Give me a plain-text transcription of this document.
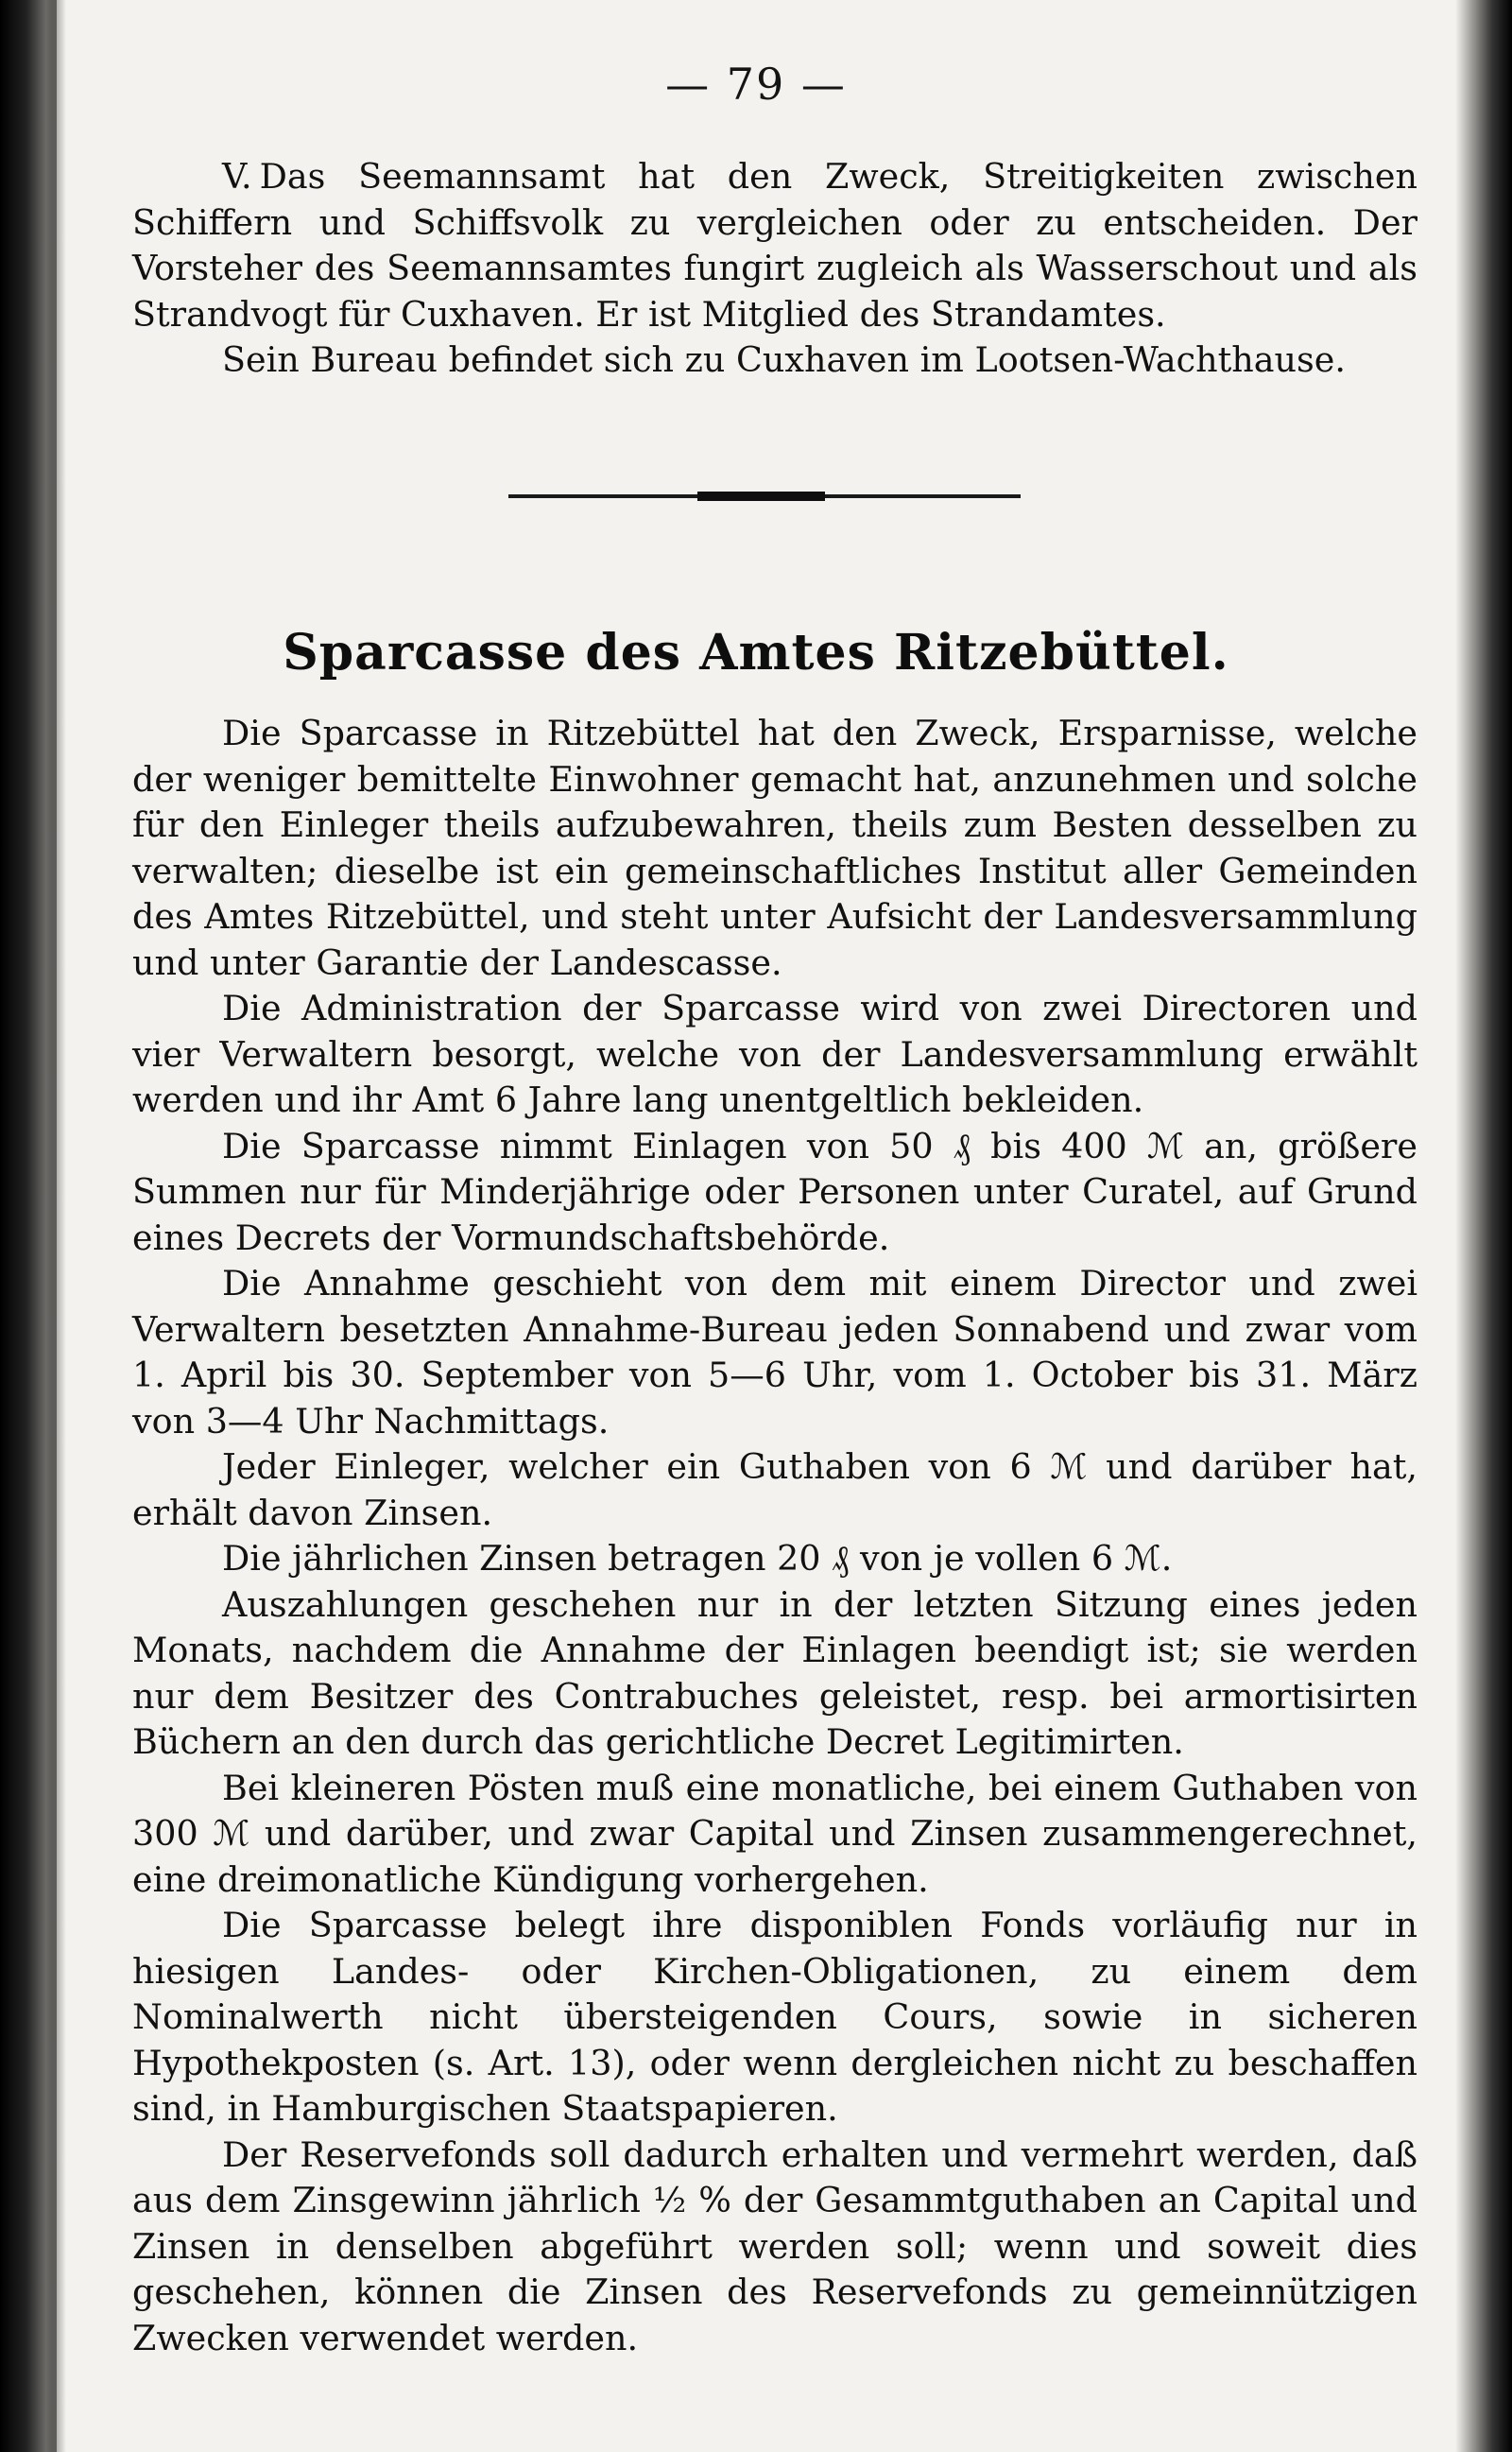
— 79 —

V. Das Seemannsamt hat den Zweck, Streitigkeiten zwischen Schiffern und Schiffsvolk zu vergleichen oder zu entscheiden. Der Vorsteher des Seemannsamtes fungirt zugleich als Wasserschout und als Strandvogt für Cuxhaven. Er ist Mitglied des Strandamtes.

Sein Bureau befindet sich zu Cuxhaven im Lootsen-Wachthause.

Sparcasse des Amtes Ritzebüttel.

Die Sparcasse in Ritzebüttel hat den Zweck, Ersparnisse, welche der weniger bemittelte Einwohner gemacht hat, anzunehmen und solche für den Einleger theils aufzubewahren, theils zum Besten desselben zu verwalten; dieselbe ist ein gemeinschaftliches Institut aller Gemeinden des Amtes Ritzebüttel, und steht unter Aufsicht der Landesversammlung und unter Garantie der Landescasse.

Die Administration der Sparcasse wird von zwei Directoren und vier Verwaltern besorgt, welche von der Landesversammlung erwählt werden und ihr Amt 6 Jahre lang unentgeltlich bekleiden.

Die Sparcasse nimmt Einlagen von 50 ₰ bis 400 ℳ an, größere Summen nur für Minderjährige oder Personen unter Curatel, auf Grund eines Decrets der Vormundschaftsbehörde.

Die Annahme geschieht von dem mit einem Director und zwei Verwaltern besetzten Annahme-Bureau jeden Sonnabend und zwar vom 1. April bis 30. September von 5—6 Uhr, vom 1. October bis 31. März von 3—4 Uhr Nachmittags.

Jeder Einleger, welcher ein Guthaben von 6 ℳ und darüber hat, erhält davon Zinsen.

Die jährlichen Zinsen betragen 20 ₰ von je vollen 6 ℳ.

Auszahlungen geschehen nur in der letzten Sitzung eines jeden Monats, nachdem die Annahme der Einlagen beendigt ist; sie werden nur dem Besitzer des Contrabuches geleistet, resp. bei armortisirten Büchern an den durch das gerichtliche Decret Legitimirten.

Bei kleineren Pösten muß eine monatliche, bei einem Guthaben von 300 ℳ und darüber, und zwar Capital und Zinsen zusammengerechnet, eine dreimonatliche Kündigung vorhergehen.

Die Sparcasse belegt ihre disponiblen Fonds vorläufig nur in hiesigen Landes- oder Kirchen-Obligationen, zu einem dem Nominalwerth nicht übersteigenden Cours, sowie in sicheren Hypothekposten (s. Art. 13), oder wenn dergleichen nicht zu beschaffen sind, in Hamburgischen Staatspapieren.

Der Reservefonds soll dadurch erhalten und vermehrt werden, daß aus dem Zinsgewinn jährlich ½ % der Gesammtguthaben an Capital und Zinsen in denselben abgeführt werden soll; wenn und soweit dies geschehen, können die Zinsen des Reservefonds zu gemeinnützigen Zwecken verwendet werden.
